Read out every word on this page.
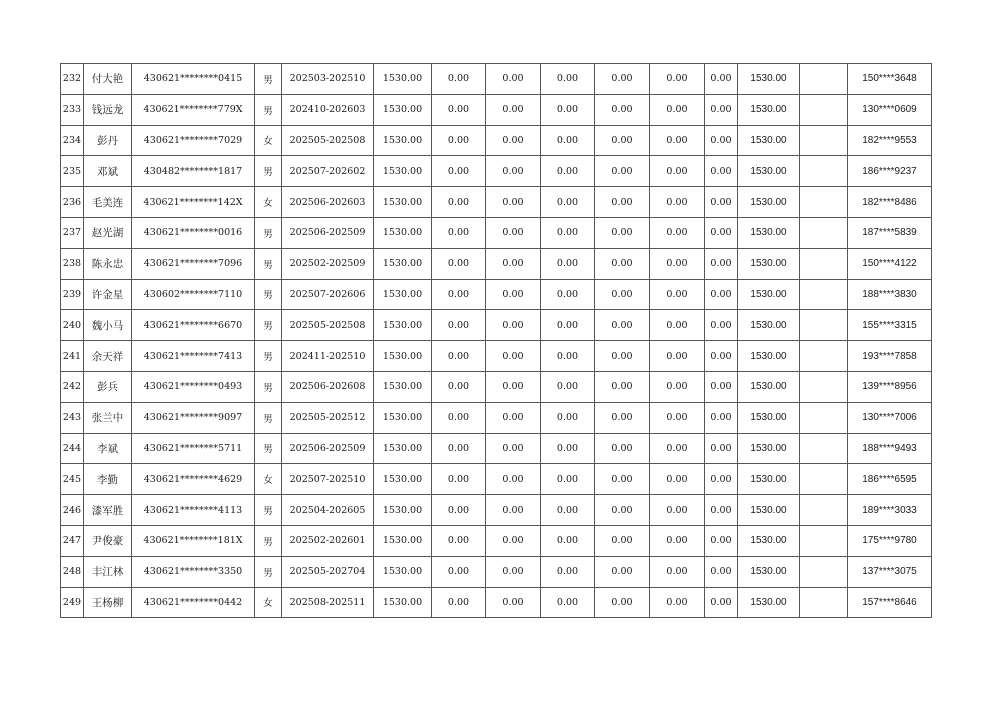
232	付大艳	430621********0415	男	202503-202510	1530.00	0.00	0.00	0.00	0.00	0.00	0.00	1530.00		150****3648
233	钱远龙	430621********779X	男	202410-202603	1530.00	0.00	0.00	0.00	0.00	0.00	0.00	1530.00		130****0609
234	彭丹	430621********7029	女	202505-202508	1530.00	0.00	0.00	0.00	0.00	0.00	0.00	1530.00		182****9553
235	邓斌	430482********1817	男	202507-202602	1530.00	0.00	0.00	0.00	0.00	0.00	0.00	1530.00		186****9237
236	毛美连	430621********142X	女	202506-202603	1530.00	0.00	0.00	0.00	0.00	0.00	0.00	1530.00		182****8486
237	赵光湖	430621********0016	男	202506-202509	1530.00	0.00	0.00	0.00	0.00	0.00	0.00	1530.00		187****5839
238	陈永忠	430621********7096	男	202502-202509	1530.00	0.00	0.00	0.00	0.00	0.00	0.00	1530.00		150****4122
239	许金星	430602********7110	男	202507-202606	1530.00	0.00	0.00	0.00	0.00	0.00	0.00	1530.00		188****3830
240	魏小马	430621********6670	男	202505-202508	1530.00	0.00	0.00	0.00	0.00	0.00	0.00	1530.00		155****3315
241	余天祥	430621********7413	男	202411-202510	1530.00	0.00	0.00	0.00	0.00	0.00	0.00	1530.00		193****7858
242	彭兵	430621********0493	男	202506-202608	1530.00	0.00	0.00	0.00	0.00	0.00	0.00	1530.00		139****8956
243	张兰中	430621********9097	男	202505-202512	1530.00	0.00	0.00	0.00	0.00	0.00	0.00	1530.00		130****7006
244	李斌	430621********5711	男	202506-202509	1530.00	0.00	0.00	0.00	0.00	0.00	0.00	1530.00		188****9493
245	李勤	430621********4629	女	202507-202510	1530.00	0.00	0.00	0.00	0.00	0.00	0.00	1530.00		186****6595
246	漆军胜	430621********4113	男	202504-202605	1530.00	0.00	0.00	0.00	0.00	0.00	0.00	1530.00		189****3033
247	尹俊豪	430621********181X	男	202502-202601	1530.00	0.00	0.00	0.00	0.00	0.00	0.00	1530.00		175****9780
248	丰江林	430621********3350	男	202505-202704	1530.00	0.00	0.00	0.00	0.00	0.00	0.00	1530.00		137****3075
249	王杨柳	430621********0442	女	202508-202511	1530.00	0.00	0.00	0.00	0.00	0.00	0.00	1530.00		157****8646
